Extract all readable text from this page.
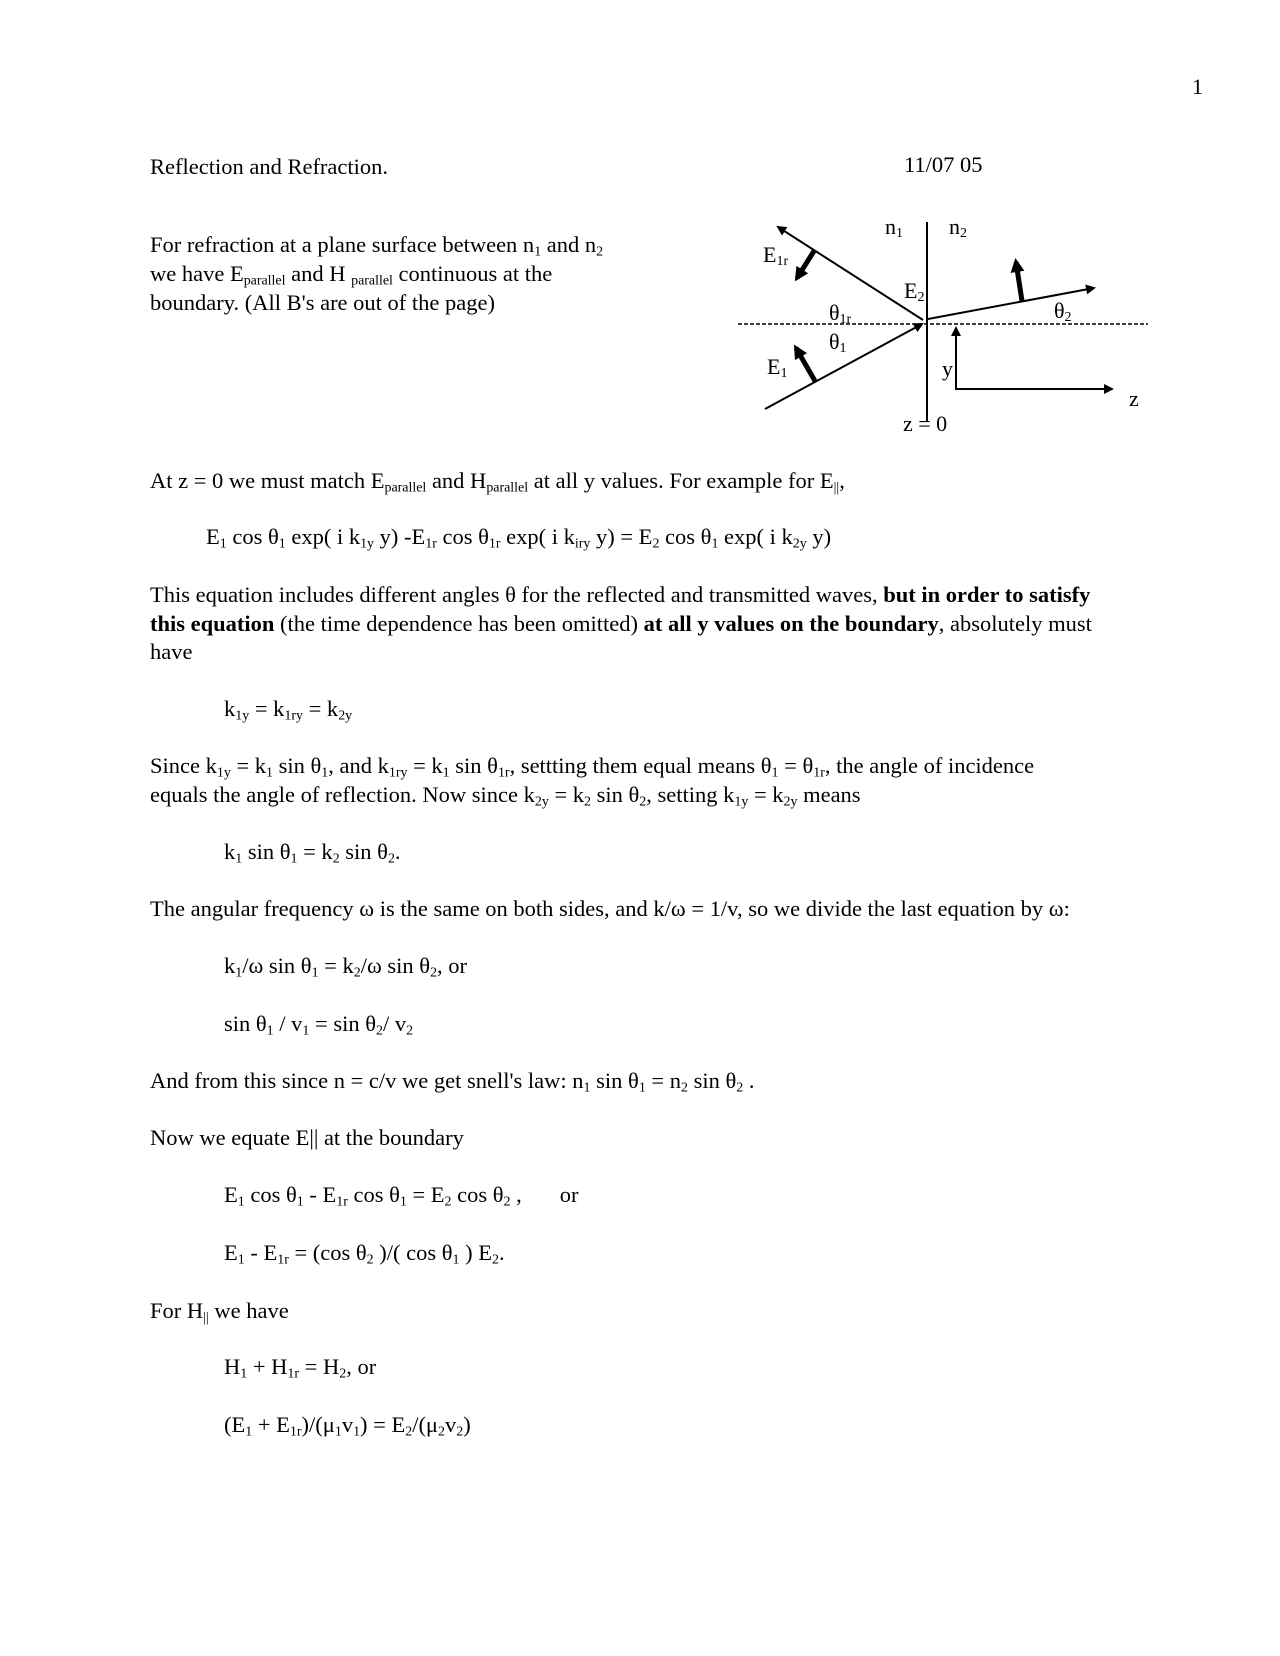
1
Reflection and Refraction.	11/07 05
For refraction at a plane surface between $n_1$ and $n_2$
we have $E_{parallel}$ and H $_{parallel}$ continuous at the
boundary. (All B's are out of the page)
n1 n2
E1r
E2
θ1r
θ1
θ2
E1	y
z
z = 0
At z = 0 we must match $E_{parallel}$ and $H_{parallel}$ at all y values. For example for $E_{||}$,
$E_1$ $\cos \theta_1$ exp( i $k_{1y}$ y) $-E_{1r}$ $\cos \theta_{1r}$ exp( i $k_{iry}$ $y) = E_2$ $\cos \theta_1$ exp( i $k_{2y}$ y)
This equation includes different angles θ for the reflected and transmitted waves, but in order to satisfy
this equation (the time dependence has been omitted) at all y values on the boundary, absolutely must
have
$k_{1y} = k_{1ry} = k_{2y}$
Since $k_{1y} = k_1$ $\sin \theta_1$, and $k_{1ry} = k_1$ $\sin \theta_{1r}$, settting them equal means $\theta_1 = \theta_{1r}$, the angle of incidence
equals the angle of reflection. Now since $k_{2y} = k_2$ $\sin \theta_2$, setting $k_{1y} = k_{2y}$ means
$k_1$ $\sin \theta_1 = k_2$ $\sin \theta_2$.
The angular frequency ω is the same on both sides, and k/ω = 1/v, so we divide the last equation by ω:
$k_1/\omega$ $\sin \theta_1 = k_2/\omega$ $\sin \theta_2$, or
$\sin \theta_1 / v_1 = \sin \theta_2/$ $v_2$
And from this since n = c/v we get snell's law: $n_1$ $\sin \theta_1 = n_2$ $\sin \theta_2$ .
Now we equate E|| at the boundary
$E_1$ $\cos \theta_1 - E_{1r}$ $\cos \theta_1 = E_2$ $\cos \theta_2$ , or
$E_1 - E_{1r} = (\cos$ $\theta_2$ )/( $\cos \theta_1$ ) $E_2$.
For $H_{||}$ we have
$H_1 + H_{1r} = H_2$, or
$(E_1 + E_{1r})/(\mu_1v_1) = E_2/(\mu_2v_2)$
